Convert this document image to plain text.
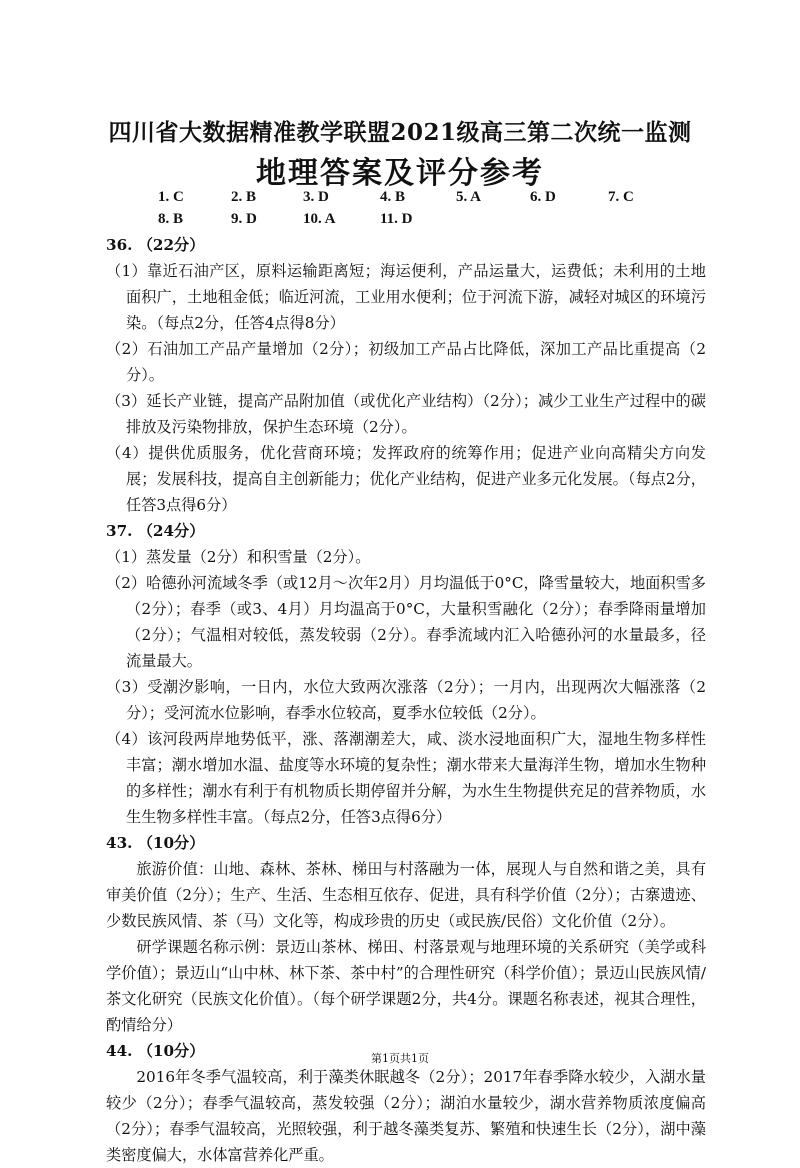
四川省大数据精准教学联盟2021级高三第二次统一监测
地理答案及评分参考
1. C	2. B	3. D	4. B	5. A	6. D	7. C
8. B	9. D	10. A	11. D

36. （22分）

（1）靠近石油产区，原料运输距离短；海运便利，产品运量大，运费低；未利用的土地面积广，土地租金低；临近河流，工业用水便利；位于河流下游，减轻对城区的环境污染。（每点2分，任答4点得8分）

（2）石油加工产品产量增加（2分）；初级加工产品占比降低，深加工产品比重提高（2分）。

（3）延长产业链，提高产品附加值（或优化产业结构）（2分）；减少工业生产过程中的碳排放及污染物排放，保护生态环境（2分）。

（4）提供优质服务，优化营商环境；发挥政府的统筹作用；促进产业向高精尖方向发展；发展科技，提高自主创新能力；优化产业结构，促进产业多元化发展。（每点2分，任答3点得6分）

37. （24分）

（1）蒸发量（2分）和积雪量（2分）。

（2）哈德孙河流域冬季（或12月～次年2月）月均温低于0°C，降雪量较大，地面积雪多（2分）；春季（或3、4月）月均温高于0°C，大量积雪融化（2分）；春季降雨量增加（2分）；气温相对较低，蒸发较弱（2分）。春季流域内汇入哈德孙河的水量最多，径流量最大。

（3）受潮汐影响，一日内，水位大致两次涨落（2分）；一月内，出现两次大幅涨落（2分）；受河流水位影响，春季水位较高，夏季水位较低（2分）。

（4）该河段两岸地势低平，涨、落潮潮差大，咸、淡水浸地面积广大，湿地生物多样性丰富；潮水增加水温、盐度等水环境的复杂性；潮水带来大量海洋生物，增加水生物种的多样性；潮水有利于有机物质长期停留并分解，为水生生物提供充足的营养物质，水生生物多样性丰富。（每点2分，任答3点得6分）

43. （10分）

旅游价值：山地、森林、茶林、梯田与村落融为一体，展现人与自然和谐之美，具有审美价值（2分）；生产、生活、生态相互依存、促进，具有科学价值（2分）；古寨遗迹、少数民族风情、茶（马）文化等，构成珍贵的历史（或民族/民俗）文化价值（2分）。

研学课题名称示例：景迈山茶林、梯田、村落景观与地理环境的关系研究（美学或科学价值）；景迈山“山中林、林下茶、茶中村”的合理性研究（科学价值）；景迈山民族风情/茶文化研究（民族文化价值）。（每个研学课题2分，共4分。课题名称表述，视其合理性，酌情给分）

44. （10分）

2016年冬季气温较高，利于藻类休眠越冬（2分）；2017年春季降水较少，入湖水量较少（2分）；春季气温较高，蒸发较强（2分）；湖泊水量较少，湖水营养物质浓度偏高（2分）；春季气温较高，光照较强，利于越冬藻类复苏、繁殖和快速生长（2分），湖中藻类密度偏大，水体富营养化严重。

第1页共1页
